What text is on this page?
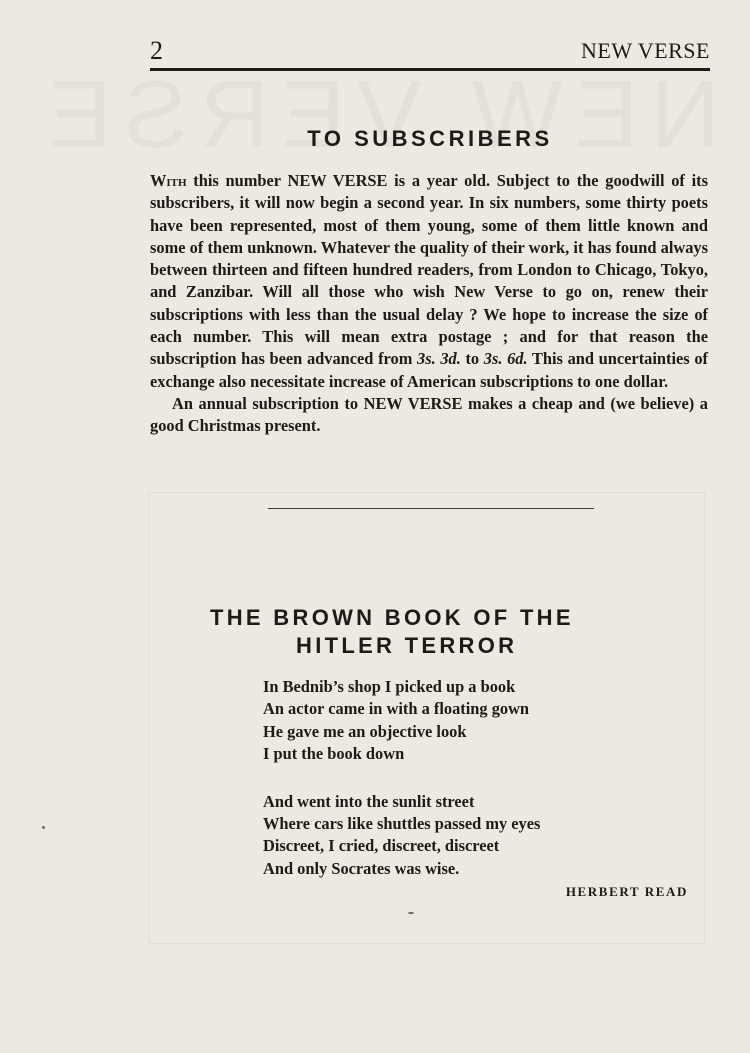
2	NEW VERSE
TO SUBSCRIBERS

With this number NEW VERSE is a year old. Subject to the goodwill of its subscribers, it will now begin a second year. In six numbers, some thirty poets have been represented, most of them young, some of them little known and some of them unknown. Whatever the quality of their work, it has found always between thirteen and fifteen hundred readers, from London to Chicago, Tokyo, and Zanzibar. Will all those who wish New Verse to go on, renew their subscriptions with less than the usual delay ? We hope to increase the size of each number. This will mean extra postage ; and for that reason the subscription has been advanced from 3s. 3d. to 3s. 6d. This and uncertainties of exchange also necessitate increase of American subscriptions to one dollar.

An annual subscription to NEW VERSE makes a cheap and (we believe) a good Christmas present.

THE BROWN BOOK OF THE
HITLER TERROR
In Bednib’s shop I picked up a book
An actor came in with a floating gown
He gave me an objective look
I put the book down
And went into the sunlit street
Where cars like shuttles passed my eyes
Discreet, I cried, discreet, discreet
And only Socrates was wise.
HERBERT READ
